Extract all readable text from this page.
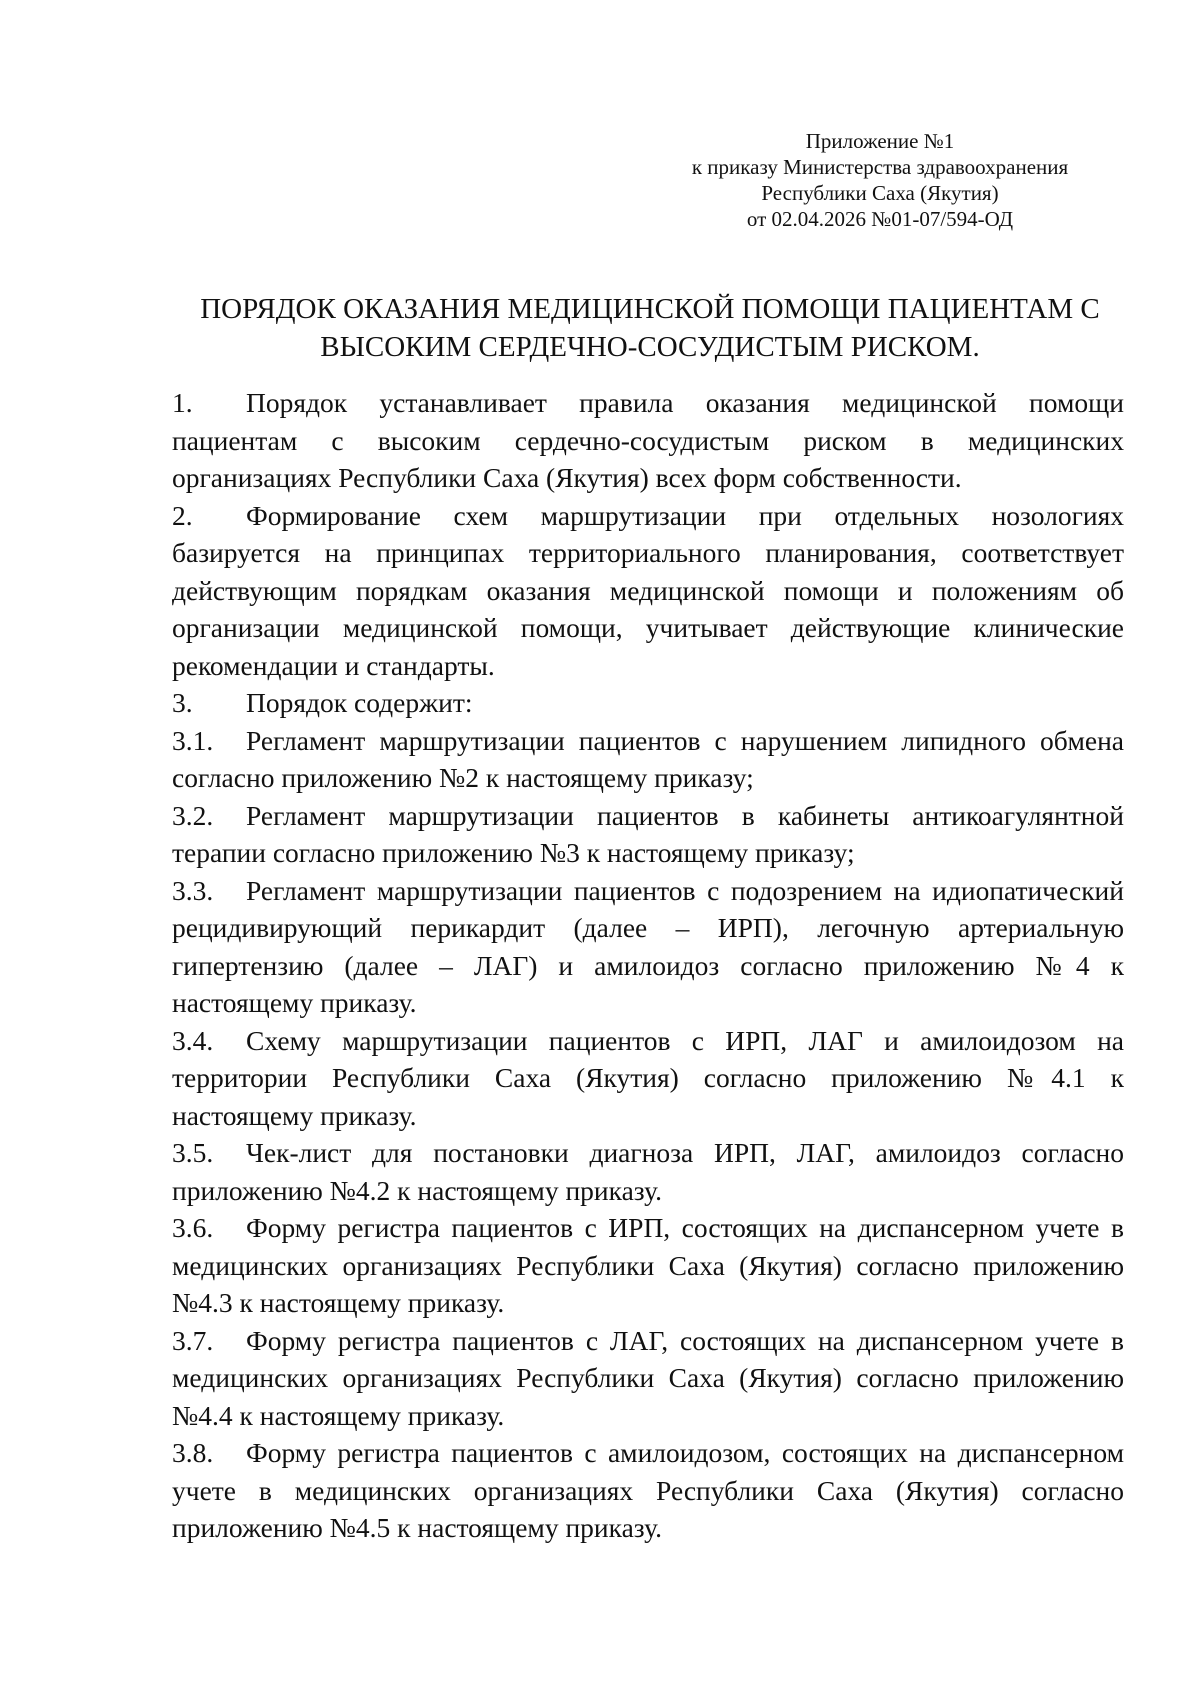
Приложение №1
к приказу Министерства здравоохранения
Республики Саха (Якутия)
от 02.04.2026 №01-07/594-ОД
ПОРЯДОК ОКАЗАНИЯ МЕДИЦИНСКОЙ ПОМОЩИ ПАЦИЕНТАМ С
ВЫСОКИМ СЕРДЕЧНО-СОСУДИСТЫМ РИСКОМ.
1. Порядок устанавливает правила оказания медицинской помощи пациентам с высоким сердечно-сосудистым риском в медицинских организациях Республики Саха (Якутия) всех форм собственности.
2. Формирование схем маршрутизации при отдельных нозологиях базируется на принципах территориального планирования, соответствует действующим порядкам оказания медицинской помощи и положениям об организации медицинской помощи, учитывает действующие клинические рекомендации и стандарты.
3. Порядок содержит:
3.1. Регламент маршрутизации пациентов с нарушением липидного обмена согласно приложению №2 к настоящему приказу;
3.2. Регламент маршрутизации пациентов в кабинеты антикоагулянтной терапии согласно приложению №3 к настоящему приказу;
3.3. Регламент маршрутизации пациентов с подозрением на идиопатический рецидивирующий перикардит (далее – ИРП), легочную артериальную гипертензию (далее – ЛАГ) и амилоидоз согласно приложению №4 к настоящему приказу.
3.4. Схему маршрутизации пациентов с ИРП, ЛАГ и амилоидозом на территории Республики Саха (Якутия) согласно приложению №4.1 к настоящему приказу.
3.5. Чек-лист для постановки диагноза ИРП, ЛАГ, амилоидоз согласно приложению №4.2 к настоящему приказу.
3.6. Форму регистра пациентов с ИРП, состоящих на диспансерном учете в медицинских организациях Республики Саха (Якутия) согласно приложению №4.3 к настоящему приказу.
3.7. Форму регистра пациентов с ЛАГ, состоящих на диспансерном учете в медицинских организациях Республики Саха (Якутия) согласно приложению №4.4 к настоящему приказу.
3.8. Форму регистра пациентов с амилоидозом, состоящих на диспансерном учете в медицинских организациях Республики Саха (Якутия) согласно приложению №4.5 к настоящему приказу.
